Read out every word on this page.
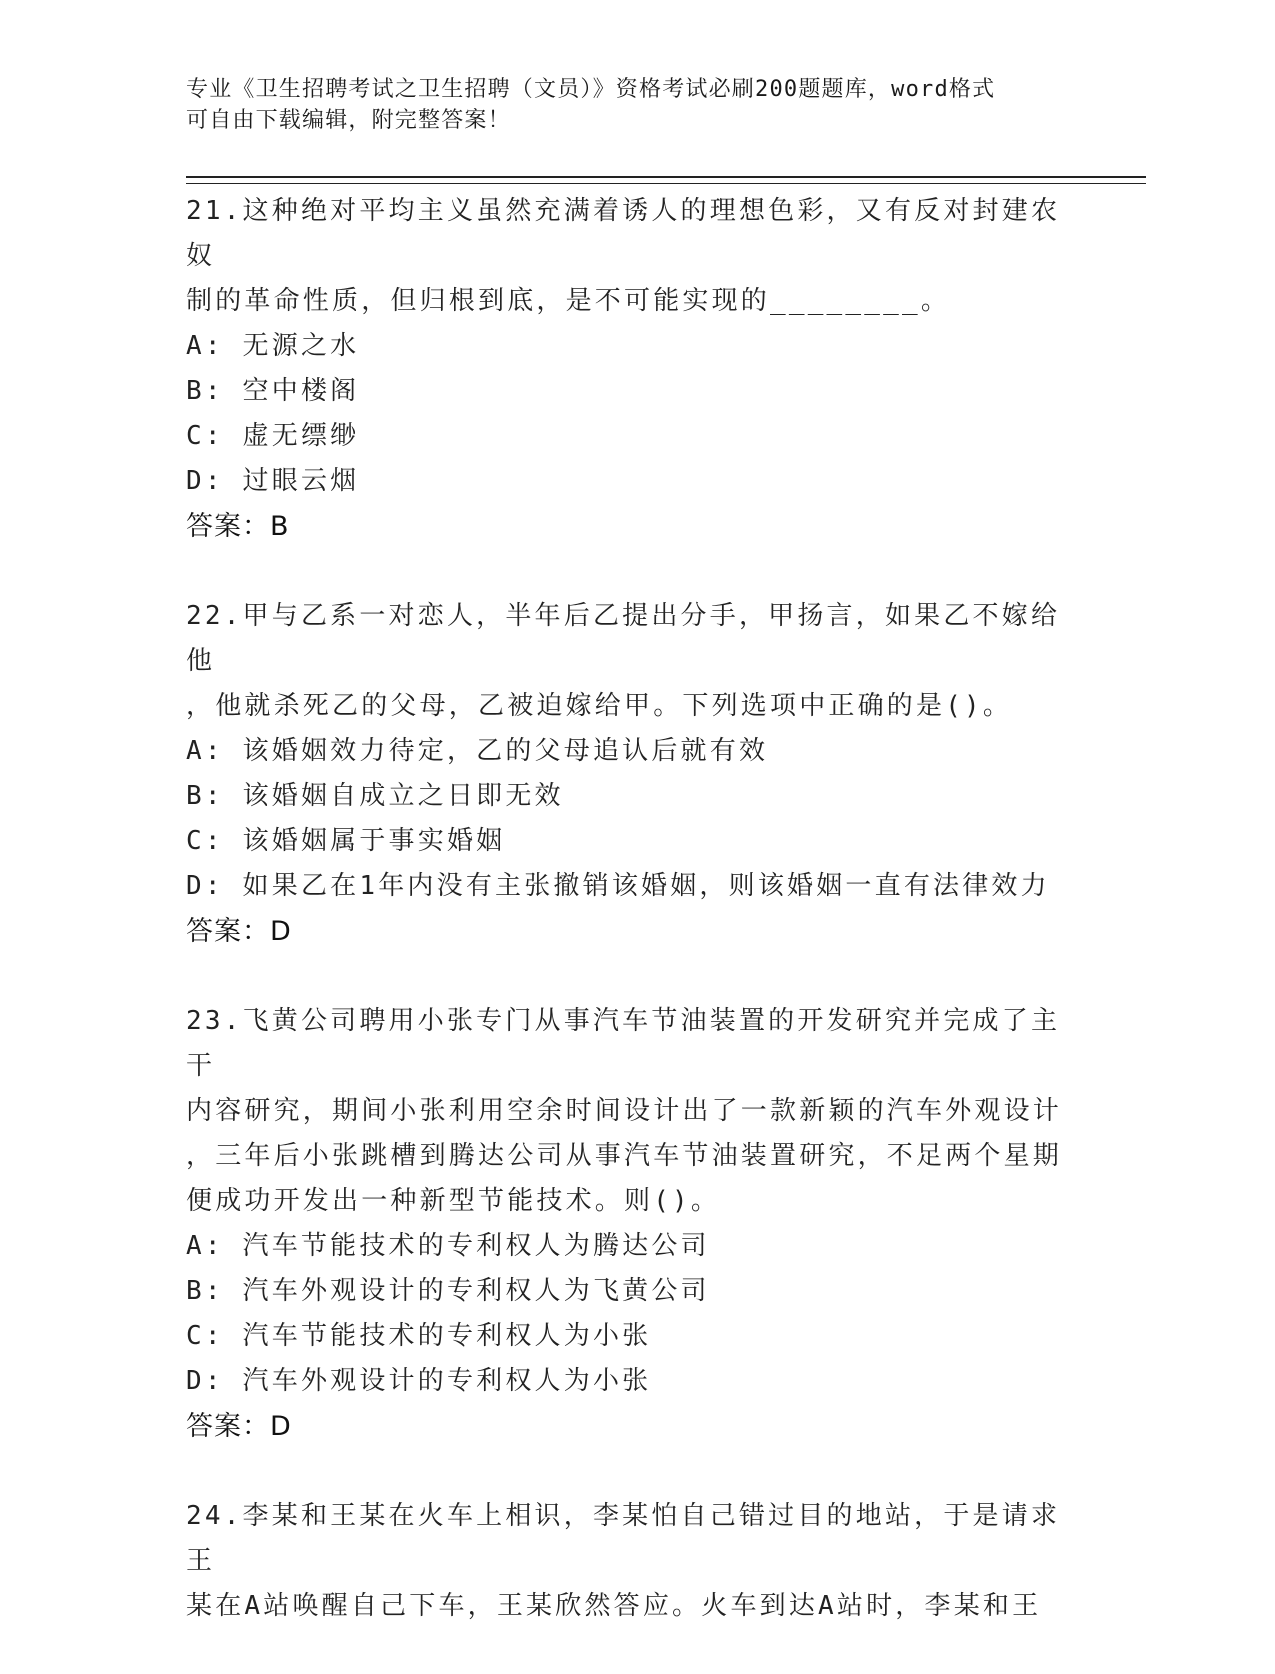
专业《卫生招聘考试之卫生招聘（文员）》资格考试必刷200题题库，word格式
可自由下载编辑，附完整答案！

21.这种绝对平均主义虽然充满着诱人的理想色彩，又有反对封建农奴

制的革命性质，但归根到底，是不可能实现的________。

A: 无源之水

B: 空中楼阁

C: 虚无缥缈

D: 过眼云烟

答案：B

22.甲与乙系一对恋人，半年后乙提出分手，甲扬言，如果乙不嫁给他

，他就杀死乙的父母，乙被迫嫁给甲。下列选项中正确的是()。

A: 该婚姻效力待定，乙的父母追认后就有效

B: 该婚姻自成立之日即无效

C: 该婚姻属于事实婚姻

D: 如果乙在1年内没有主张撤销该婚姻，则该婚姻一直有法律效力

答案：D

23.飞黄公司聘用小张专门从事汽车节油装置的开发研究并完成了主干

内容研究，期间小张利用空余时间设计出了一款新颖的汽车外观设计

，三年后小张跳槽到腾达公司从事汽车节油装置研究，不足两个星期

便成功开发出一种新型节能技术。则()。

A: 汽车节能技术的专利权人为腾达公司

B: 汽车外观设计的专利权人为飞黄公司

C: 汽车节能技术的专利权人为小张

D: 汽车外观设计的专利权人为小张

答案：D

24.李某和王某在火车上相识，李某怕自己错过目的地站，于是请求王

某在A站唤醒自己下车，王某欣然答应。火车到达A站时，李某和王
